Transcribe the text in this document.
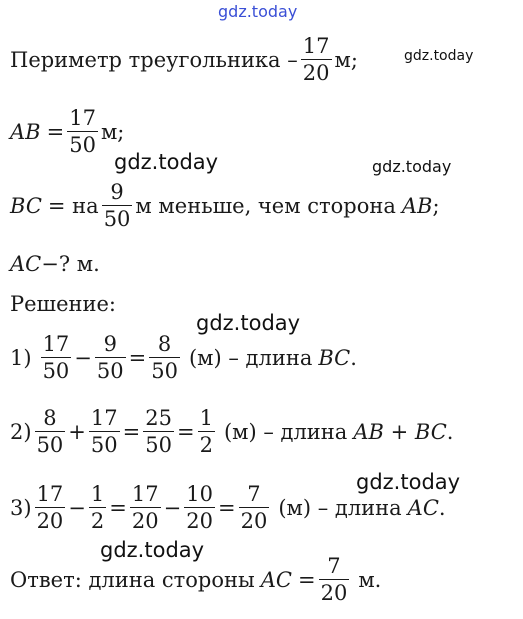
gdz.today
gdz.today
gdz.today	gdz.today
gdz.today
gdz.today
gdz.today
Периметр треугольника – $\frac{17}{20} м$;
AB = $\frac{17}{50} м$;
BC = на $\frac{9}{50}$ м меньше, чем сторона AB ;
AC −? м.
Решение:
$1) \frac{17}{50} - \frac{9}{50} = \frac{8}{50} (м)$ – длина BC .
$2) \frac{8}{50} + \frac{17}{50} = \frac{25}{50} = \frac{1}{2} (м)$ – длина AB + BC .
$3) \frac{17}{20} - \frac{1}{2} = \frac{17}{20} - \frac{10}{20} = \frac{7}{20} (м)$ – длина AC .
Ответ: длина стороны AC = $\frac{7}{20} м$.
